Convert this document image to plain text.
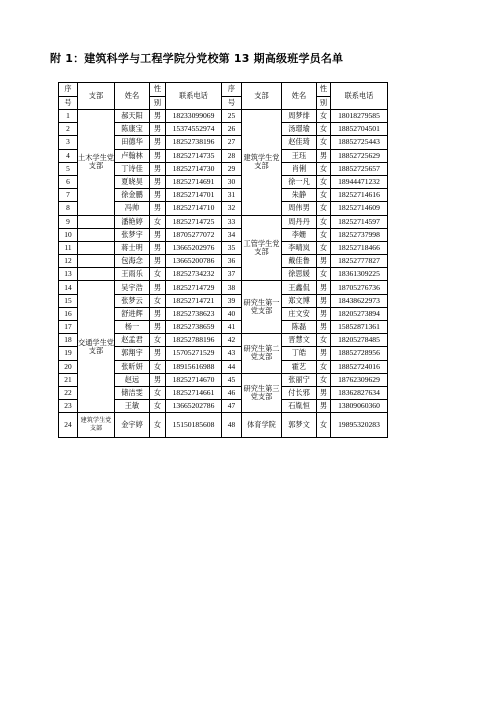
附 1：建筑科学与工程学院分党校第 13 期高级班学员名单
序	支部	姓名	性	联系电话	序	支部	姓名	性	联系电话
号			别		号			别	
1	土木学生党支部	郝天阳	男	18233099069	25	建筑学生党支部	周梦绯	女	18018279585
2		陈康宝	男	15374552974	26		汤璟瑜	女	18852704501
3		田德华	男	18252738196	27		赵佳琦	女	18852725443
4		卢翰林	男	18252714735	28		王珏	男	18852725629
5		丁诗佳	男	18252714730	29		肖俐	女	18852725657
6		夏晓昊	男	18252714691	30		徐一凡	女	18944471232
7		徐金鹏	男	18252714701	31		朱静	女	18252714616
8		冯帅	男	18252714710	32		周伟男	女	18252714609
9		潘艳婷	女	18252714725	33	工管学生党支部	周丹丹	女	18252714597
10		张梦宇	男	18705277072	34		李姗	女	18252737998
11		蒋士明	男	13665202976	35		李晴岚	女	18252718466
12		包海念	男	13665200786	36		戴佳鲁	男	18252777827
13		王雨乐	女	18252734232	37		徐思媛	女	18361309225
14	交通学生党支部	吴宇浩	男	18252714729	38	研究生第一党支部	王鑫侃	男	18705276736
15		张梦云	女	18252714721	39		郑文博	男	18438622973
16		舒进辉	男	18252738623	40		庄文安	男	18205273894
17		杨一	男	18252738659	41		陈磊	男	15852871361
18		赵孟君	女	18252788196	42	研究生第二党支部	晋慧文	女	18205278485
19		郭翔宇	男	15705271529	43		丁皓	男	18852728956
20		张昕妍	女	18915616988	44		霍艺	女	18852724016
21		赵远	男	18252714670	45	研究生第三党支部	张丽宁	女	18762309629
22		储洁雯	女	18252714661	46		付长邪	男	18362827634
23		王敏	女	13665202786	47		石胤恒	男	13809060360
24	建筑学生党支部	金宇婷	女	15150185608	48	体育学院	郭梦文	女	19895320283
